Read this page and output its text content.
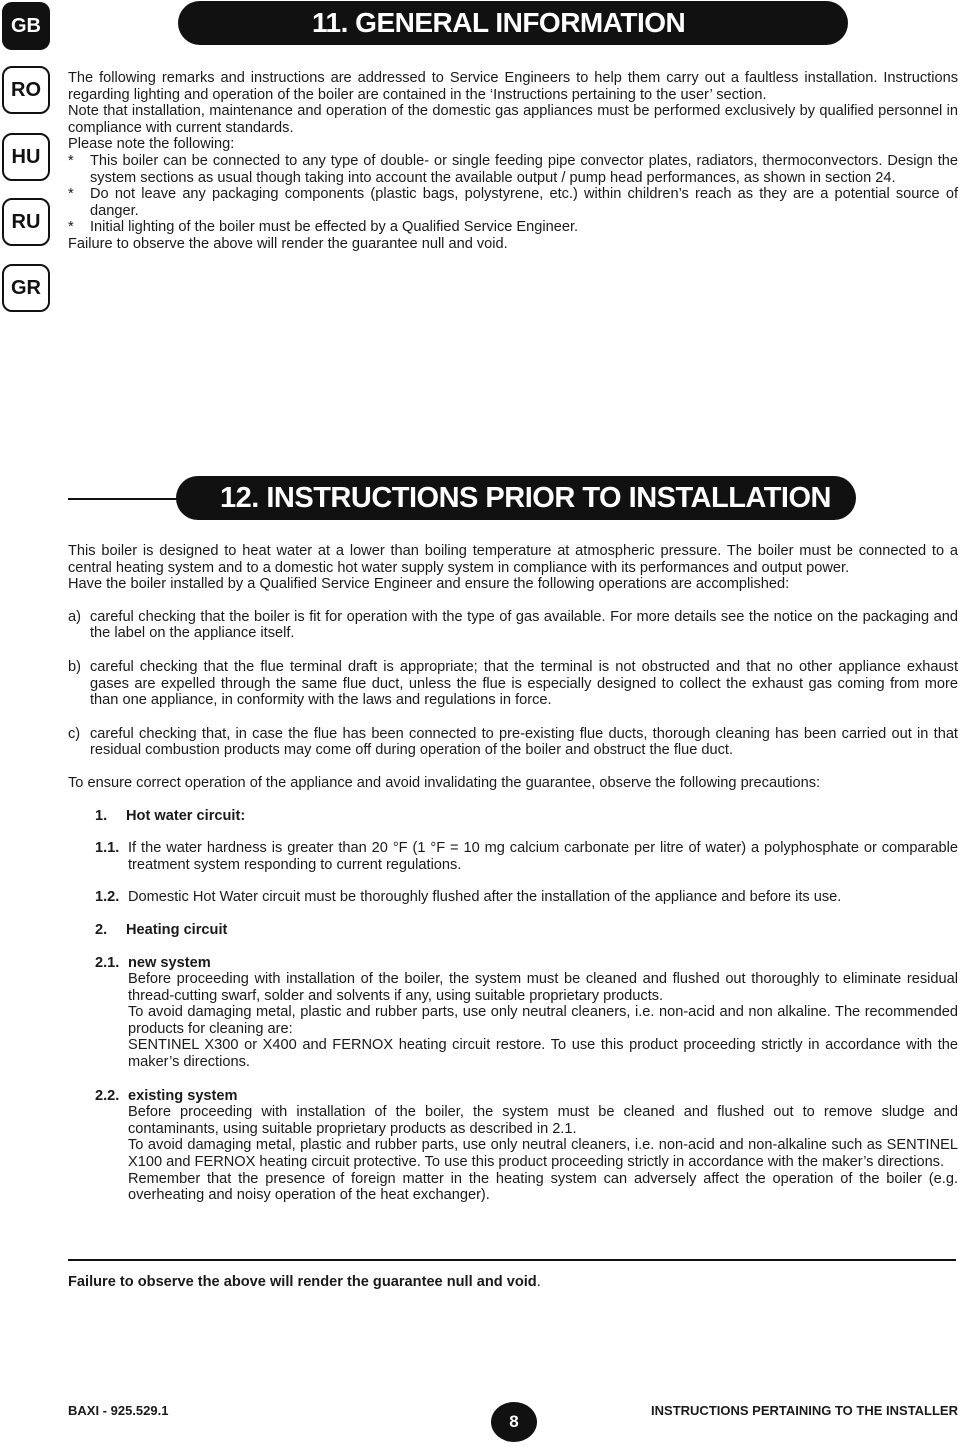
GB
RO
HU
RU
GR
11. GENERAL INFORMATION

The following remarks and instructions are addressed to Service Engineers to help them carry out a faultless installation. Instructions regarding lighting and operation of the boiler are contained in the ‘Instructions pertaining to the user’ section.

Note that installation, maintenance and operation of the domestic gas appliances must be performed exclusively by qualified personnel in compliance with current standards.

Please note the following:

*	This boiler can be connected to any type of double- or single feeding pipe convector plates, radiators, thermoconvectors. Design the system sections as usual though taking into account the available output / pump head performances, as shown in section 24.
*	Do not leave any packaging components (plastic bags, polystyrene, etc.) within children’s reach as they are a potential source of danger.
*	Initial lighting of the boiler must be effected by a Qualified Service Engineer.

Failure to observe the above will render the guarantee null and void.

12. INSTRUCTIONS PRIOR TO INSTALLATION

This boiler is designed to heat water at a lower than boiling temperature at atmospheric pressure. The boiler must be connected to a central heating system and to a domestic hot water supply system in compliance with its performances and output power.

Have the boiler installed by a Qualified Service Engineer and ensure the following operations are accomplished:

a) careful checking that the boiler is fit for operation with the type of gas available. For more details see the notice on the packaging and the label on the appliance itself.
b) careful checking that the flue terminal draft is appropriate; that the terminal is not obstructed and that no other appliance exhaust gases are expelled through the same flue duct, unless the flue is especially designed to collect the exhaust gas coming from more than one appliance, in conformity with the laws and regulations in force.
c) careful checking that, in case the flue has been connected to pre-existing flue ducts, thorough cleaning has been carried out in that residual combustion products may come off during operation of the boiler and obstruct the flue duct.

To ensure correct operation of the appliance and avoid invalidating the guarantee, observe the following precautions:

1.	Hot water circuit:
1.1. If the water hardness is greater than 20 °F (1 °F = 10 mg calcium carbonate per litre of water) a polyphosphate or comparable treatment system responding to current regulations.
1.2. Domestic Hot Water circuit must be thoroughly flushed after the installation of the appliance and before its use.
2.	Heating circuit
2.1. new system
Before proceeding with installation of the boiler, the system must be cleaned and flushed out thoroughly to eliminate residual thread-cutting swarf, solder and solvents if any, using suitable proprietary products.
To avoid damaging metal, plastic and rubber parts, use only neutral cleaners, i.e. non-acid and non alkaline. The recommended products for cleaning are:
SENTINEL X300 or X400 and FERNOX heating circuit restore. To use this product proceeding strictly in accordance with the maker’s directions.
2.2. existing system
Before proceeding with installation of the boiler, the system must be cleaned and flushed out to remove sludge and contaminants, using suitable proprietary products as described in 2.1.
To avoid damaging metal, plastic and rubber parts, use only neutral cleaners, i.e. non-acid and non-alkaline such as SENTINEL X100 and FERNOX heating circuit protective. To use this product proceeding strictly in accordance with the maker’s directions.
Remember that the presence of foreign matter in the heating system can adversely affect the operation of the boiler (e.g. overheating and noisy operation of the heat exchanger).
Failure to observe the above will render the guarantee null and void.
BAXI - 925.529.1
8
INSTRUCTIONS PERTAINING TO THE INSTALLER
